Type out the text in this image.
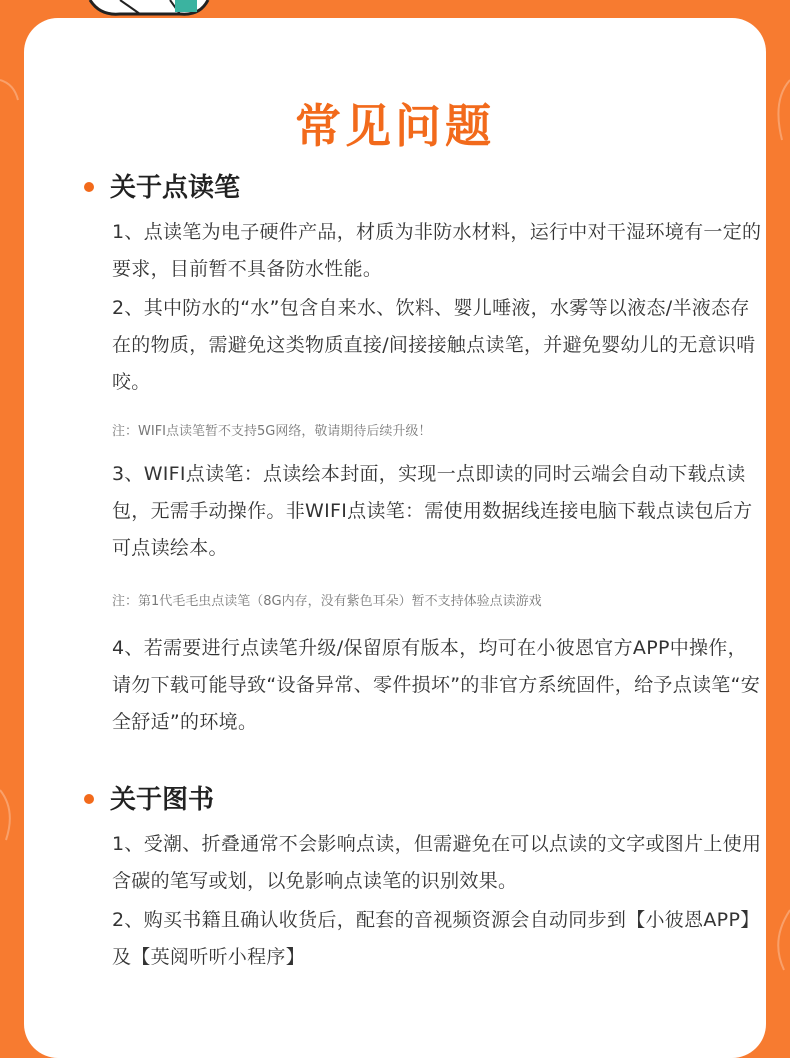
常见问题
关于点读笔
1、点读笔为电子硬件产品，材质为非防水材料，运行中对干湿环境有一定的要求，目前暂不具备防水性能。
2、其中防水的“水”包含自来水、饮料、婴儿唾液，水雾等以液态/半液态存在的物质，需避免这类物质直接/间接接触点读笔，并避免婴幼儿的无意识啃咬。
注：WIFI点读笔暂不支持5G网络，敬请期待后续升级！
3、WIFI点读笔：点读绘本封面，实现一点即读的同时云端会自动下载点读包，无需手动操作。非WIFI点读笔：需使用数据线连接电脑下载点读包后方可点读绘本。
注：第1代毛毛虫点读笔（8G内存，没有紫色耳朵）暂不支持体验点读游戏
4、若需要进行点读笔升级/保留原有版本，均可在小彼恩官方APP中操作，请勿下载可能导致“设备异常、零件损坏”的非官方系统固件，给予点读笔“安全舒适”的环境。
关于图书
1、受潮、折叠通常不会影响点读，但需避免在可以点读的文字或图片上使用含碳的笔写或划，以免影响点读笔的识别效果。
2、购买书籍且确认收货后，配套的音视频资源会自动同步到【小彼恩APP】及【英阅听听小程序】
